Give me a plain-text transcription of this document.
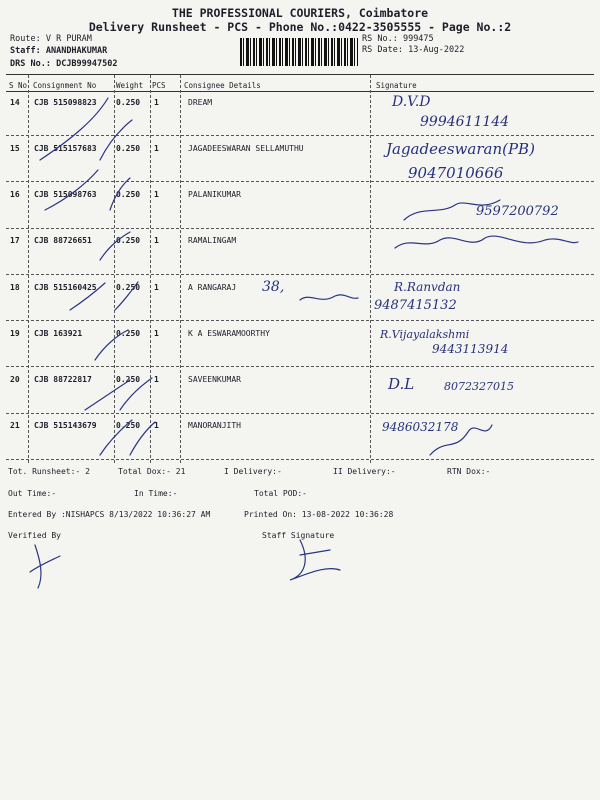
THE PROFESSIONAL COURIERS, Coimbatore
Delivery Runsheet - PCS - Phone No.:0422-3505555 - Page No.:2
Route: V R PURAM
Staff: ANANDHAKUMAR
DRS No.: DCJB99947502
RS No.: 999475
RS Date: 13-Aug-2022
S No Consignment No	Weight PCS Consignee Details	Signature
14 CJB 515098823 0.250 1	DREAM	D.V.D
9994611144
15 CJB 515157683 0.250 1	JAGADEESWARAN SELLAMUTHU	Jagadeeswaran(PB)
9047010666
16 CJB 515098763 0.250 1	PALANIKUMAR
9597200792
17 CJB 88726651	0.250 1	RAMALINGAM
18 CJB 515160425 0.250 1	A RANGARAJ 38,	R.Ranvdan
9487415132
19 CJB 163921	0.250 1	K A ESWARAMOORTHY	R.Vijayalakshmi
9443113914
20 CJB 88722817	0.250 1	SAVEENKUMAR	D.L	8072327015
21 CJB 515143679 0.250 1	MANORANJITH	9486032178
Tot. Runsheet:- 2	Total Dox:- 21	I Delivery:-	II Delivery:-	RTN Dox:-
Out Time:-	In Time:-	Total POD:-
Entered By :NISHAPCS 8/13/2022 10:36:27 AM	Printed On: 13-08-2022 10:36:28
Verified By	Staff Signature
